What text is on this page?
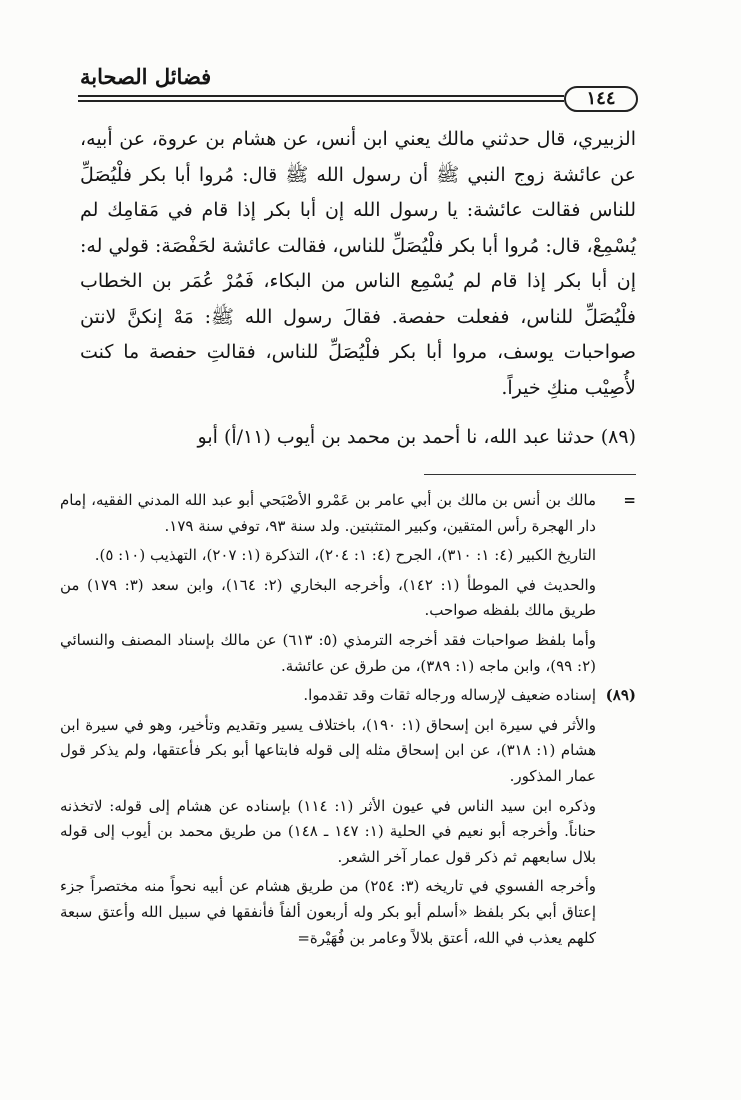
فضائل الصحابة
١٤٤

الزبيري، قال حدثني مالك يعني ابن أنس، عن هشام بن عروة، عن أبيه، عن عائشة زوج النبي ﷺ أن رسول الله ﷺ قال: مُروا أبا بكر فلْيُصَلِّ للناس فقالت عائشة: يا رسول الله إن أبا بكر إذا قام في مَقامِك لم يُسْمِعْ، قال: مُروا أبا بكر فلْيُصَلِّ للناس، فقالت عائشة لحَفْصَة: قولي له: إن أبا بكر إذا قام لم يُسْمِع الناس من البكاء، فَمُرْ عُمَر بن الخطاب فلْيُصَلِّ للناس، ففعلت حفصة. فقالَ رسول الله ﷺ: مَهْ إنكنَّ لانتن صواحبات يوسف، مروا أبا بكر فلْيُصَلِّ للناس، فقالتِ حفصة ما كنت لأُصِيْب منكِ خيراً.

(٨٩) حدثنا عبد الله، نا أحمد بن محمد بن أيوب (١١/أ) أبو

=
مالك بن أنس بن مالك بن أبي عامر بن عَمْرو الأصْبَحي أبو عبد الله المدني الفقيه، إمام دار الهجرة رأس المتقين، وكبير المتثبتين. ولد سنة ٩٣، توفي سنة ١٧٩.
التاريخ الكبير (٤: ١: ٣١٠)، الجرح (٤: ١: ٢٠٤)، التذكرة (١: ٢٠٧)، التهذيب (١٠: ٥).
والحديث في الموطأ (١: ١٤٢)، وأخرجه البخاري (٢: ١٦٤)، وابن سعد (٣: ١٧٩) من طريق مالك بلفظه صواحب.
وأما بلفظ صواحبات فقد أخرجه الترمذي (٥: ٦١٣) عن مالك بإسناد المصنف والنسائي (٢: ٩٩)، وابن ماجه (١: ٣٨٩)، من طرق عن عائشة.
(٨٩)
إسناده ضعيف لإرساله ورجاله ثقات وقد تقدموا.
والأثر في سيرة ابن إسحاق (١: ١٩٠)، باختلاف يسير وتقديم وتأخير، وهو في سيرة ابن هشام (١: ٣١٨)، عن ابن إسحاق مثله إلى قوله فابتاعها أبو بكر فأعتقها، ولم يذكر قول عمار المذكور.
وذكره ابن سيد الناس في عيون الأثر (١: ١١٤) بإسناده عن هشام إلى قوله: لاتخذنه حناناً. وأخرجه أبو نعيم في الحلية (١: ١٤٧ ـ ١٤٨) من طريق محمد بن أيوب إلى قوله بلال سابعهم ثم ذكر قول عمار آخر الشعر.
وأخرجه الفسوي في تاريخه (٣: ٢٥٤) من طريق هشام عن أبيه نحواً منه مختصراً جزء إعتاق أبي بكر بلفظ «أسلم أبو بكر وله أربعون ألفاً فأنفقها في سبيل الله وأعتق سبعة كلهم يعذب في الله، أعتق بلالاً وعامر بن فُهَيْرة=
